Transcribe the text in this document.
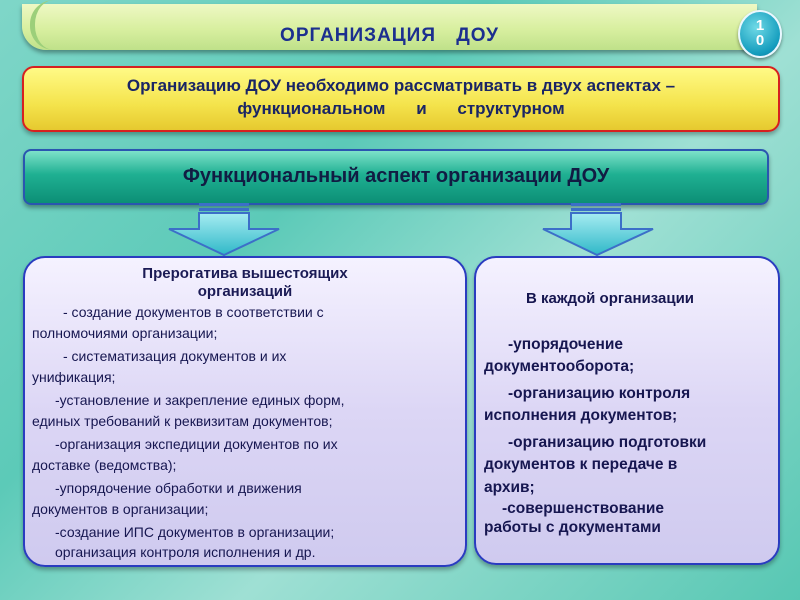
ОРГАНИЗАЦИЯ ДОУ	1
0
Организацию ДОУ необходимо рассматривать в двух аспектах –
функциональном и структурном
Функциональный аспект организации ДОУ
Прерогатива вышестоящих
организаций
- создание документов в соответствии с
полномочиями организации;
- систематизация документов и их
унификация;
-установление и закрепление единых форм,
единых требований к реквизитам документов;
-организация экспедиции документов по их
доставке (ведомства);
-упорядочение обработки и движения
документов в организации;
-создание ИПС документов в организации;
организация контроля исполнения и др.
В каждой организации
-упорядочение
документооборота;
-организацию контроля
исполнения документов;
-организацию подготовки
документов к передаче в
архив;
-совершенствование
работы с документами
